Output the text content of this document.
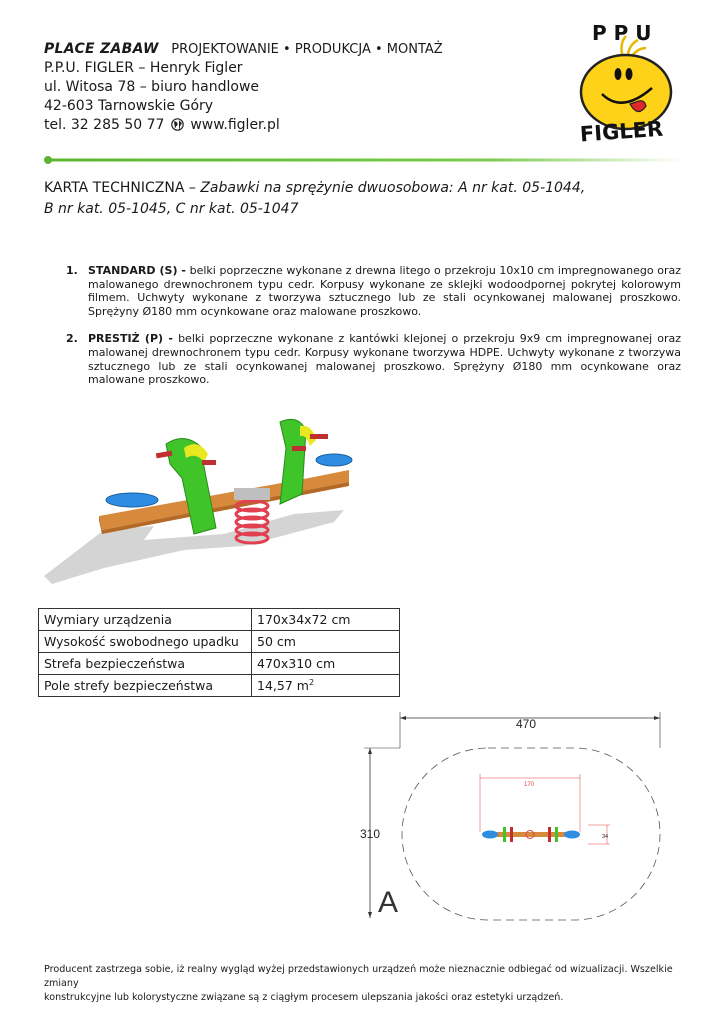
PLACE ZABAW PROJEKTOWANIE • PRODUKCJA • MONTAŻ
P.P.U. FIGLER – Henryk Figler
ul. Witosa 78 – biuro handlowe
42-603 Tarnowskie Góry
tel. 32 285 50 77 www.figler.pl
P P U
FIGLER
KARTA TECHNICZNA – Zabawki na sprężynie dwuosobowa: A nr kat. 05-1044,
B nr kat. 05-1045, C nr kat. 05-1047
1. STANDARD (S) - belki poprzeczne wykonane z drewna litego o przekroju 10x10 cm impregnowanego oraz malowanego drewnochronem typu cedr. Korpusy wykonane ze sklejki wodoodpornej pokrytej kolorowym filmem. Uchwyty wykonane z tworzywa sztucznego lub ze stali ocynkowanej malowanej proszkowo. Sprężyny Ø180 mm ocynkowane oraz malowane proszkowo.
2. PRESTIŻ (P) - belki poprzeczne wykonane z kantówki klejonej o przekroju 9x9 cm impregnowanej oraz malowanej drewnochronem typu cedr. Korpusy wykonane tworzywa HDPE. Uchwyty wykonane z tworzywa sztucznego lub ze stali ocynkowanej malowanej proszkowo. Sprężyny Ø180 mm ocynkowane oraz malowane proszkowo.
Wymiary urządzenia	170x34x72 cm
Wysokość swobodnego upadku	50 cm
Strefa bezpieczeństwa	470x310 cm
Pole strefy bezpieczeństwa	14,57 $m^2$
470
310
170
34
A
Producent zastrzega sobie, iż realny wygląd wyżej przedstawionych urządzeń może nieznacznie odbiegać od wizualizacji. Wszelkie zmiany
konstrukcyjne lub kolorystyczne związane są z ciągłym procesem ulepszania jakości oraz estetyki urządzeń.
